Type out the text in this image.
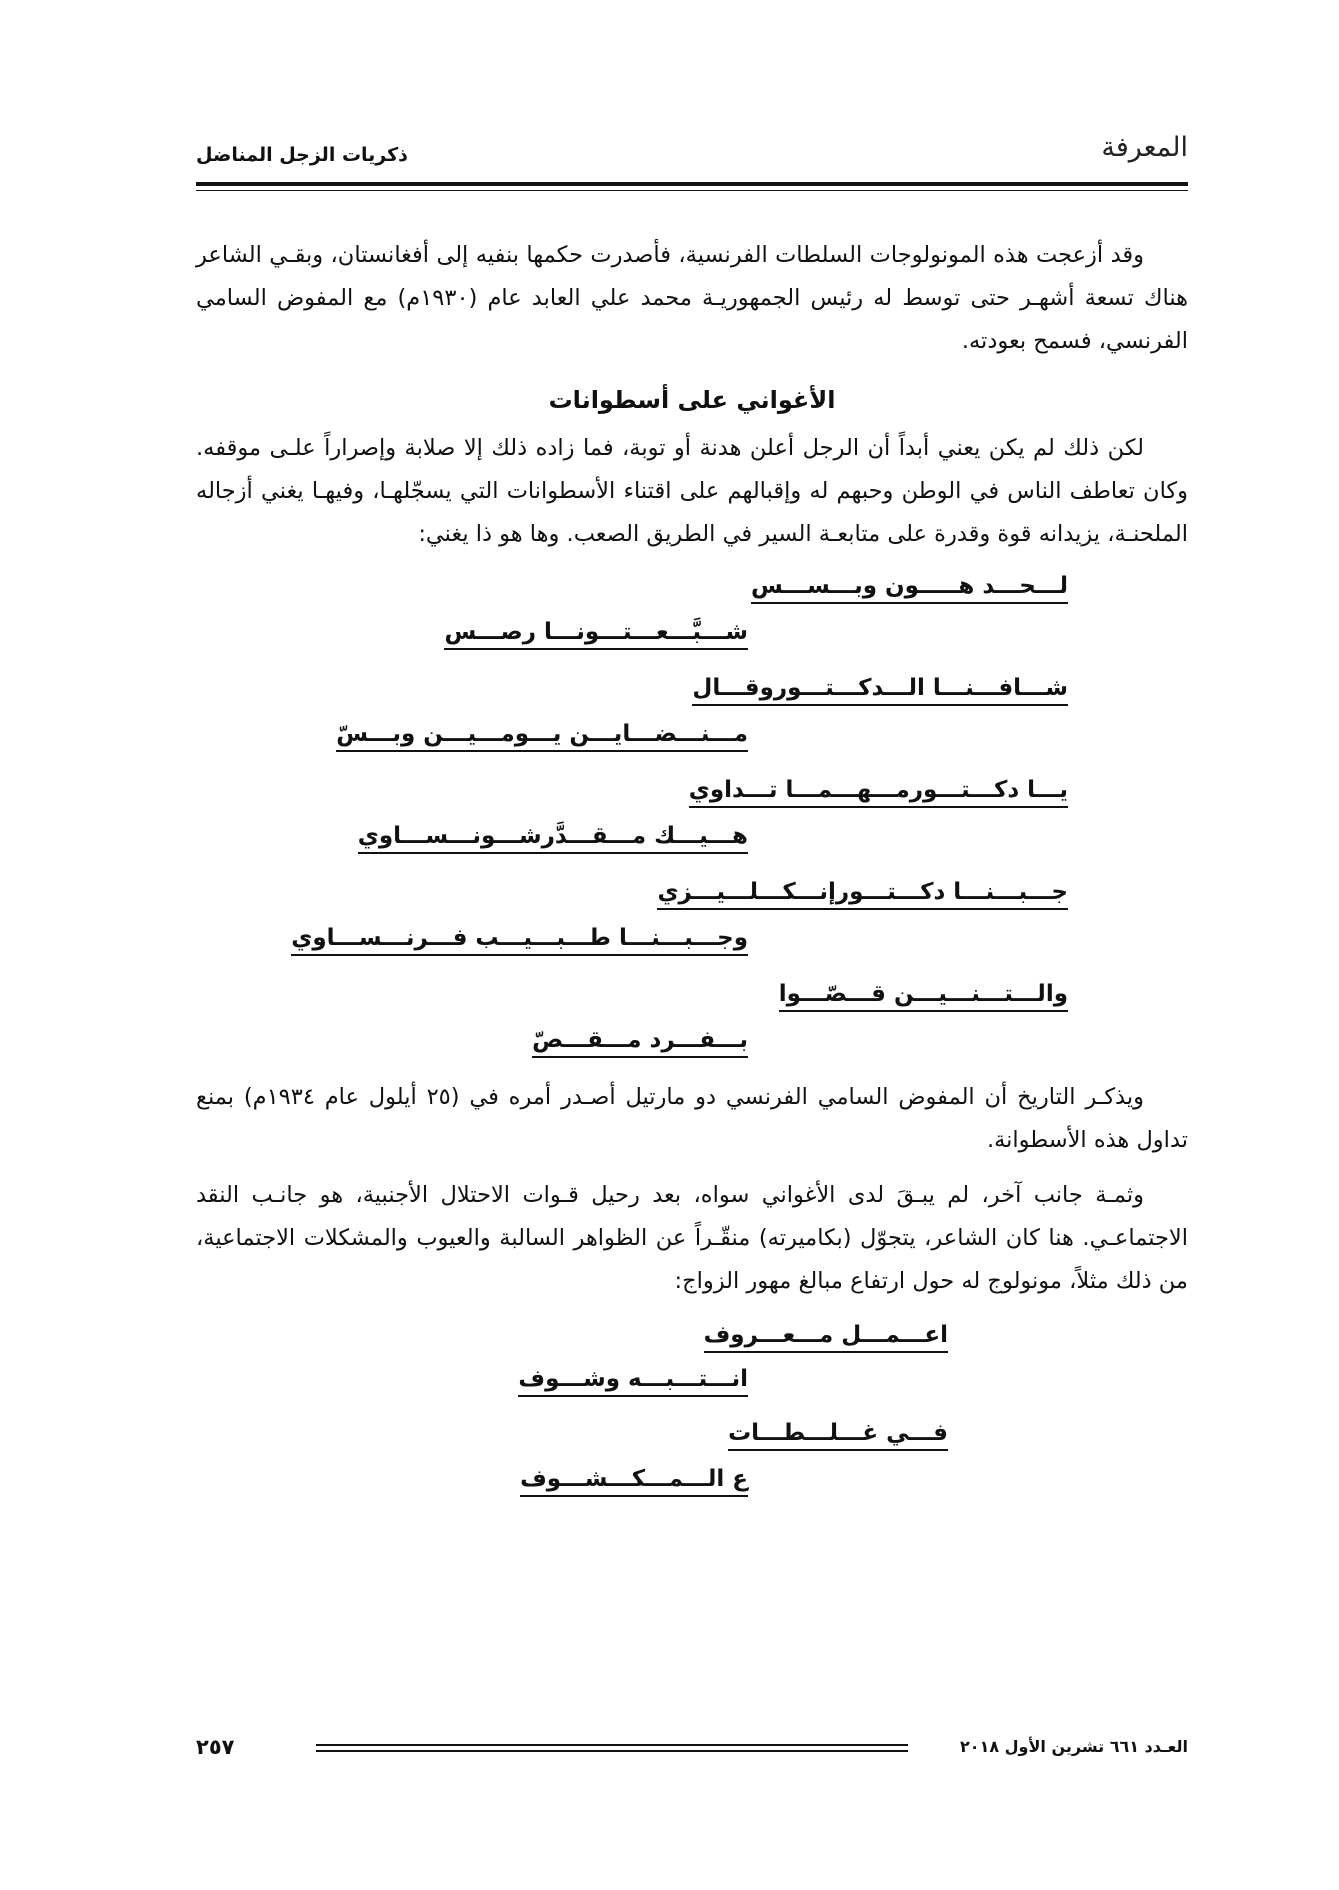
المعرفة
ذكريات الزجل المناضل

وقد أزعجت هذه المونولوجات السلطات الفرنسية، فأصدرت حكمها بنفيه إلى أفغانستان، وبقـي الشاعر هناك تسعة أشهـر حتى توسط له رئيس الجمهوريـة محمد علي العابد عام (١٩٣٠م) مع المفوض السامي الفرنسي، فسمح بعودته.

الأغواني على أسطوانات

لكن ذلك لم يكن يعني أبداً أن الرجل أعلن هدنة أو توبة، فما زاده ذلك إلا صلابة وإصراراً علـى موقفه. وكان تعاطف الناس في الوطن وحبهم له وإقبالهم على اقتناء الأسطوانات التي يسجّلهـا، وفيهـا يغني أزجاله الملحنـة، يزيدانه قوة وقدرة على متابعـة السير في الطريق الصعب. وها هو ذا يغني:

لـــحـــد هـــــون وبـــســـس
شـــبَّـــعـــتـــونـــا رصـــس
شـــافـــنـــا الـــدكـــتـــوروقـــال
مـــنـــضـــايـــن يـــومـــيـــن وبـــسّ
يـــا دكـــتـــورمـــهـــمـــا تـــداوي
هـــيـــك مـــقـــدَّرشـــونـــســـاوي
جـــبـــنـــا دكـــتـــورإنـــكـــلـــيـــزي
وجـــبـــنـــا طـــبـــيـــب فـــرنـــســـاوي
والـــتـــنـــيـــن قـــصّـــوا
بـــفـــرد مـــقـــصّ

ويذكـر التاريخ أن المفوض السامي الفرنسي دو مارتيل أصـدر أمره في (٢٥ أيلول عام ١٩٣٤م) بمنع تداول هذه الأسطوانة.

وثمـة جانب آخر، لم يبـقَ لدى الأغواني سواه، بعد رحيل قـوات الاحتلال الأجنبية، هو جانـب النقد الاجتماعـي. هنا كان الشاعر، يتجوّل (بكاميرته) منقّـراً عن الظواهر السالبة والعيوب والمشكلات الاجتماعية، من ذلك مثلاً، مونولوج له حول ارتفاع مبالغ مهور الزواج:

اعـــمـــل مـــعـــروف
انـــتـــبـــه وشـــوف
فـــي غـــلـــطـــات
ع الـــمـــكـــشـــوف
العـدد ٦٦١ تشرين الأول ٢٠١٨
٢٥٧
